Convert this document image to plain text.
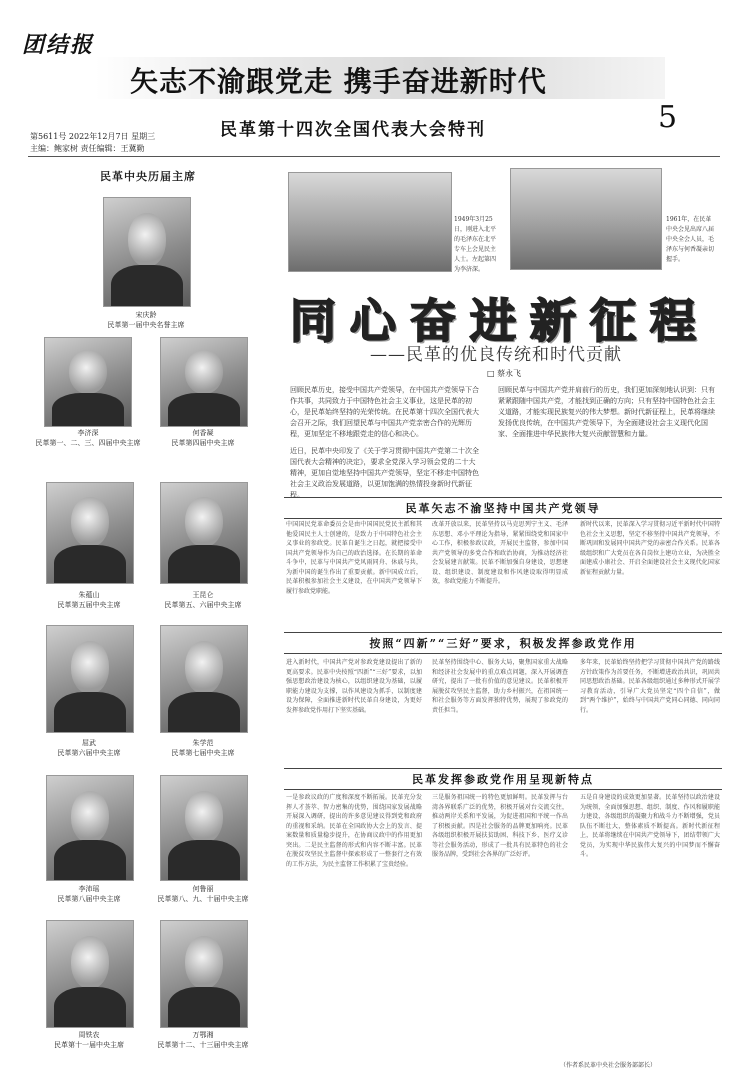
团结报
矢志不渝跟党走 携手奋进新时代
5
民革第十四次全国代表大会特刊
第5611号 2022年12月7日 星期三
主编：鲍家树 责任编辑：王冀勤
民革中央历届主席
宋庆龄
民革第一届中央名誉主席
李济深
民革第一、二、三、四届中央主席
何香凝
民革第四届中央主席
朱蕴山
民革第五届中央主席
王昆仑
民革第五、六届中央主席
屈武
民革第六届中央主席
朱学范
民革第七届中央主席
李沛瑶
民革第八届中央主席
何鲁丽
民革第八、九、十届中央主席
周铁农
民革第十一届中央主席
万鄂湘
民革第十二、十三届中央主席
1949年3月25日，刚进入北平的毛泽东在北平专车上会见民主人士。左起第四为李济深。
1961年，在民革中央会见出席八届中央全会人员，毛泽东与何香凝亲切握手。
同心奋进新征程
——民革的优良传统和时代贡献
□ 蔡永飞
回顾民革历史，接受中国共产党领导，在中国共产党领导下合作共事，共同致力于中国特色社会主义事业，这是民革的初心，是民革始终坚持的光荣传统。在民革第十四次全国代表大会召开之际，我们回望民革与中国共产党亲密合作的光辉历程，更加坚定不移地跟党走的信心和决心。
近日，民革中央印发了《关于学习贯彻中国共产党第二十次全国代表大会精神的决定》，要求全党深入学习领会党的二十大精神，更加自觉地坚持中国共产党领导，坚定不移走中国特色社会主义政治发展道路，以更加饱满的热情投身新时代新征程。
回顾民革与中国共产党并肩前行的历史，我们更加深刻地认识到：只有紧紧跟随中国共产党，才能找到正确的方向；只有坚持中国特色社会主义道路，才能实现民族复兴的伟大梦想。新时代新征程上，民革将继续发扬优良传统，在中国共产党领导下，为全面建设社会主义现代化国家、全面推进中华民族伟大复兴贡献智慧和力量。
民革矢志不渝坚持中国共产党领导
中国国民党革命委员会是由中国国民党民主派和其他爱国民主人士创建的，是致力于中国特色社会主义事业的参政党。民革自诞生之日起，就把接受中国共产党领导作为自己的政治选择。在长期的革命斗争中，民革与中国共产党风雨同舟、休戚与共，为新中国的诞生作出了重要贡献。新中国成立后，民革积极参加社会主义建设，在中国共产党领导下履行参政党职能。
改革开放以来，民革坚持以马克思列宁主义、毛泽东思想、邓小平理论为指导，紧紧围绕党和国家中心工作，积极参政议政，开展民主监督，参加中国共产党领导的多党合作和政治协商，为推动经济社会发展建言献策。民革不断加强自身建设，思想建设、组织建设、制度建设和作风建设取得明显成效，参政党能力不断提升。
新时代以来，民革深入学习贯彻习近平新时代中国特色社会主义思想，坚定不移坚持中国共产党领导，不断巩固和发展同中国共产党的亲密合作关系。民革各级组织和广大党员在各自岗位上建功立业，为决胜全面建成小康社会、开启全面建设社会主义现代化国家新征程贡献力量。
按照“四新”“三好”要求，积极发挥参政党作用
进入新时代，中国共产党对参政党建设提出了新的更高要求。民革中央按照“四新”“三好”要求，以加强思想政治建设为核心，以组织建设为基础，以履职能力建设为支撑，以作风建设为抓手，以制度建设为保障，全面推进新时代民革自身建设，为更好发挥参政党作用打下坚实基础。
民革坚持围绕中心、服务大局，聚焦国家重大战略和经济社会发展中的重点难点问题，深入开展调查研究，提出了一批有价值的意见建议。民革积极开展脱贫攻坚民主监督，助力乡村振兴，在祖国统一和社会服务等方面发挥独特优势，展现了参政党的责任担当。
多年来，民革始终坚持把学习贯彻中国共产党的路线方针政策作为首要任务，不断增进政治共识，巩固共同思想政治基础。民革各级组织通过多种形式开展学习教育活动，引导广大党员坚定“四个自信”，做到“两个维护”，始终与中国共产党同心同德、同向同行。
民革发挥参政党作用呈现新特点
一是参政议政的广度和深度不断拓展。民革充分发挥人才荟萃、智力密集的优势，围绕国家发展战略开展深入调研，提出的许多意见建议得到党和政府的重视和采纳。民革在全国政协大会上的发言、提案数量和质量稳步提升，在协商议政中的作用更加突出。二是民主监督的形式和内容不断丰富。民革在脱贫攻坚民主监督中探索形成了一整套行之有效的工作方法，为民主监督工作积累了宝贵经验。
三是服务祖国统一的特色更加鲜明。民革发挥与台湾各界联系广泛的优势，积极开展对台交流交往，推动两岸关系和平发展，为促进祖国和平统一作出了积极贡献。四是社会服务的品牌更加响亮。民革各级组织积极开展扶贫助困、科技下乡、医疗义诊等社会服务活动，形成了一批具有民革特色的社会服务品牌，受到社会各界的广泛好评。
五是自身建设的成效更加显著。民革坚持以政治建设为统领，全面加强思想、组织、制度、作风和履职能力建设，各级组织的凝聚力和战斗力不断增强，党员队伍不断壮大，整体素质不断提高。新时代新征程上，民革将继续在中国共产党领导下，团结带领广大党员，为实现中华民族伟大复兴的中国梦而不懈奋斗。
（作者系民革中央社会服务部部长）
